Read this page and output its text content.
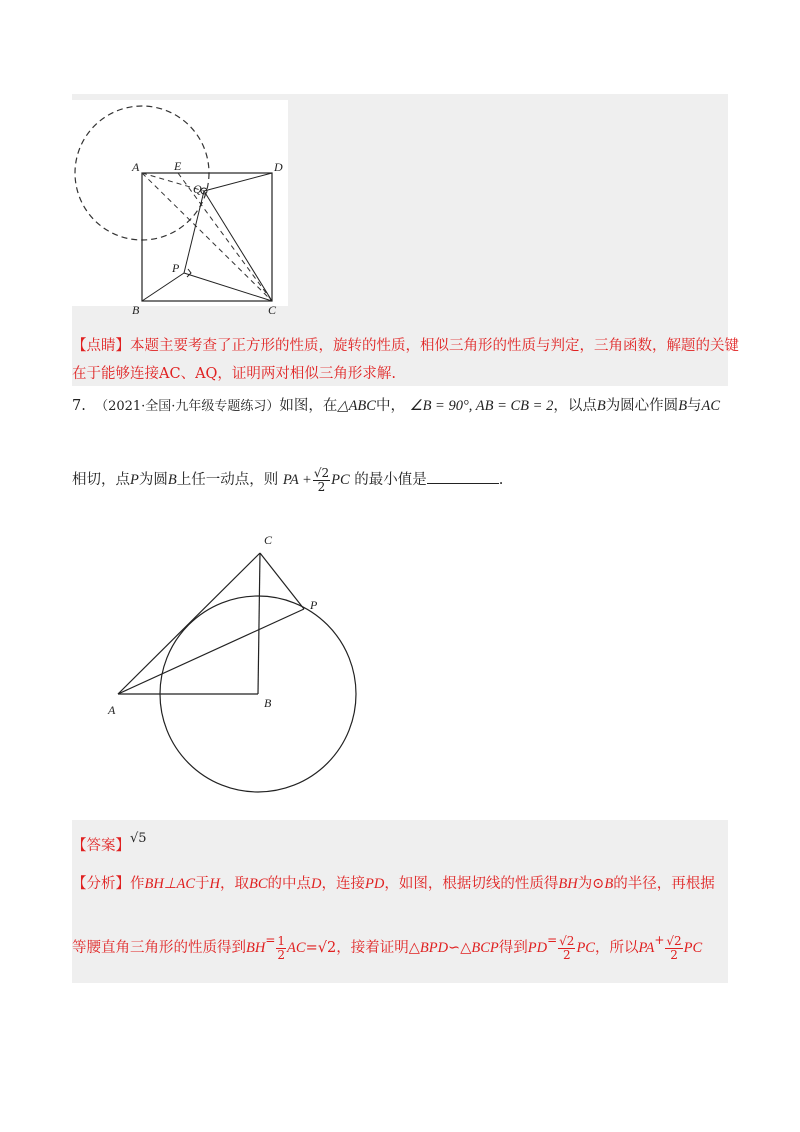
A	E	D
Q
P
B	C
【点睛】本题主要考查了正方形的性质，旋转的性质，相似三角形的性质与判定，三角函数，解题的关键
在于能够连接AC、AQ，证明两对相似三角形求解.
7. （2021·全国·九年级专题练习）如图，在△ABC中， ∠B = 90°, AB = CB = 2，以点B为圆心作圆B与AC
相切，点P为圆B上任一动点，则 PA + $\frac{√2}{2}$ PC 的最小值是	.
A	B
C
P
【答案】√5
【分析】作BH⊥AC于H，取BC的中点D，连接PD，如图，根据切线的性质得BH为⊙B的半径，再根据
等腰直角三角形的性质得到$BH^= \frac{1}{2} AC=√2$，接着证明△BPD∽△BCP得到$PD^= \frac{√2}{2}$ PC，所以$PA^+ \frac{√2}{2}$ PC
